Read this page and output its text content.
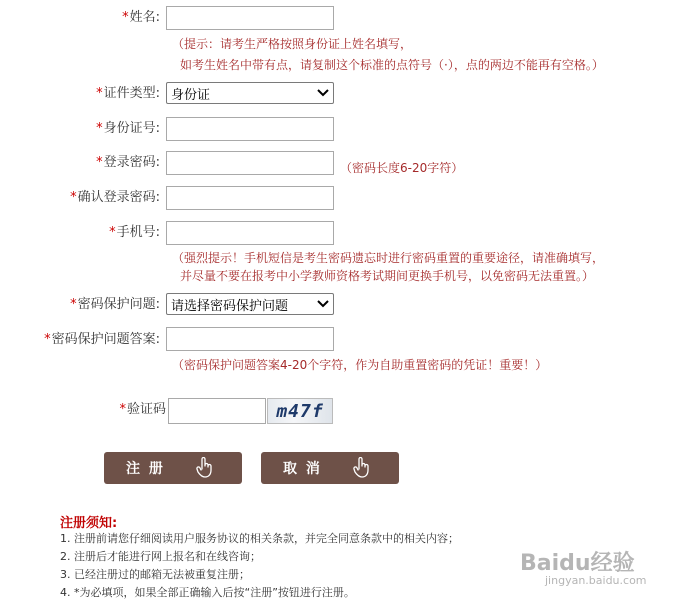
*姓名:
（提示：请考生严格按照身份证上姓名填写，
如考生姓名中带有点，请复制这个标准的点符号（·），点的两边不能再有空格。）
*证件类型: 身份证
*身份证号:
*登录密码:	（密码长度6-20字符）
*确认登录密码:
*手机号:
（强烈提示！手机短信是考生密码遗忘时进行密码重置的重要途径，请准确填写，
并尽量不要在报考中小学教师资格考试期间更换手机号，以免密码无法重置。）
*密码保护问题: 请选择密码保护问题
*密码保护问题答案:
（密码保护问题答案4-20个字符，作为自助重置密码的凭证！重要！）
*验证码	m47f
注 册	取 消
注册须知:
1. 注册前请您仔细阅读用户服务协议的相关条款，并完全同意条款中的相关内容；
2. 注册后才能进行网上报名和在线咨询；
3. 已经注册过的邮箱无法被重复注册；
4. *为必填项，如果全部正确输入后按“注册”按钮进行注册。
Baidu经验
jingyan.baidu.com
